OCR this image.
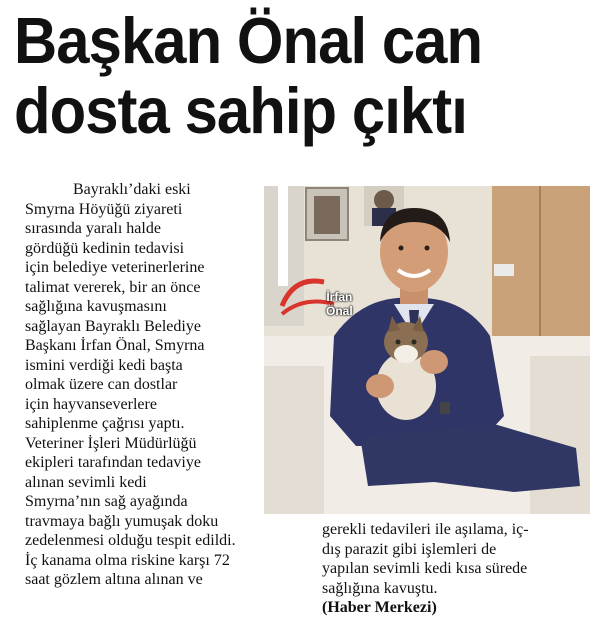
Başkan Önal can
dosta sahip çıktı
Bayraklı’daki eski
Smyrna Höyüğü ziyareti
sırasında yaralı halde
gördüğü kedinin tedavisi
için belediye veterinerlerine
talimat vererek, bir an önce
sağlığına kavuşmasını
sağlayan Bayraklı Belediye
Başkanı İrfan Önal, Smyrna
ismini verdiği kedi başta
olmak üzere can dostlar
için hayvanseverlere
sahiplenme çağrısı yaptı.
Veteriner İşleri Müdürlüğü
ekipleri tarafından tedaviye
alınan sevimli kedi
Smyrna’nın sağ ayağında
travmaya bağlı yumuşak doku
zedelenmesi olduğu tespit edildi.
İç kanama olma riskine karşı 72
saat gözlem altına alınan ve
İrfan
Önal
gerekli tedavileri ile aşılama, iç-
dış parazit gibi işlemleri de
yapılan sevimli kedi kısa sürede
sağlığına kavuştu.
(Haber Merkezi)
